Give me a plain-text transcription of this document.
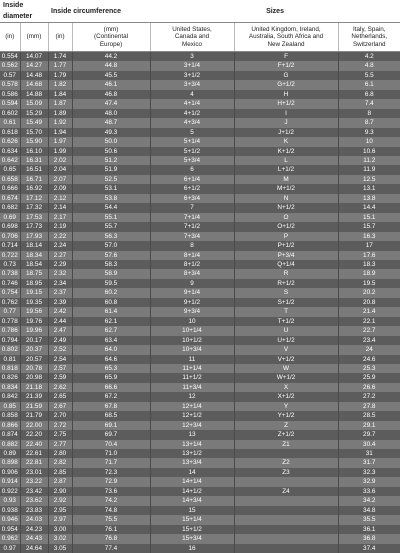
Inside diameter		Inside circumference		Sizes		
(in)	(mm)	(in)	(mm)
(Continental
Europe)	United States,
Canada and
Mexico	United Kingdom, Ireland,
Australia, South Africa and
New Zealand	Italy, Spain,
Netherlands,
Switzerland
0.554	14.07	1.74	44.2	3	F	4.2
0.562	14.27	1.77	44.8	3+1/4	F+1/2	4.8
0.57	14.48	1.79	45.5	3+1/2	G	5.5
0.578	14.68	1.82	46.1	3+3/4	G+1/2	6.1
0.586	14.88	1.84	46.8	4	H	6.8
0.594	15.09	1.87	47.4	4+1/4	H+1/2	7.4
0.602	15.29	1.89	48.0	4+1/2	I	8
0.61	15.49	1.92	48.7	4+3/4	J	8.7
0.618	15.70	1.94	49.3	5	J+1/2	9.3
0.626	15.90	1.97	50.0	5+1/4	K	10
0.634	16.10	1.99	50.6	5+1/2	K+1/2	10.6
0.642	16.31	2.02	51.2	5+3/4	L	11.2
0.65	16.51	2.04	51.9	6	L+1/2	11.9
0.658	16.71	2.07	52.5	6+1/4	M	12.5
0.666	16.92	2.09	53.1	6+1/2	M+1/2	13.1
0.674	17.12	2.12	53.8	6+3/4	N	13.8
0.682	17.32	2.14	54.4	7	N+1/2	14.4
0.69	17.53	2.17	55.1	7+1/4	O	15.1
0.698	17.73	2.19	55.7	7+1/2	O+1/2	15.7
0.706	17.93	2.22	56.3	7+3/4	P	16.3
0.714	18.14	2.24	57.0	8	P+1/2	17
0.722	18.34	2.27	57.6	8+1/4	P+3/4	17.6
0.73	18.54	2.29	58.3	8+1/2	Q+1/4	18.3
0.738	18.75	2.32	58.9	8+3/4	R	18.9
0.746	18.95	2.34	59.5	9	R+1/2	19.5
0.754	19.15	2.37	60.2	9+1/4	S	20.2
0.762	19.35	2.39	60.8	9+1/2	S+1/2	20.8
0.77	19.56	2.42	61.4	9+3/4	T	21.4
0.778	19.76	2.44	62.1	10	T+1/2	22.1
0.786	19.96	2.47	62.7	10+1/4	U	22.7
0.794	20.17	2.49	63.4	10+1/2	U+1/2	23.4
0.802	20.37	2.52	64.0	10+3/4	V	24
0.81	20.57	2.54	64.6	11	V+1/2	24.6
0.818	20.78	2.57	65.3	11+1/4	W	25.3
0.826	20.98	2.59	65.9	11+1/2	W+1/2	25.9
0.834	21.18	2.62	66.6	11+3/4	X	26.6
0.842	21.39	2.65	67.2	12	X+1/2	27.2
0.85	21.59	2.67	67.8	12+1/4	Y	27.8
0.858	21.79	2.70	68.5	12+1/2	Y+1/2	28.5
0.866	22.00	2.72	69.1	12+3/4	Z	29.1
0.874	22.20	2.75	69.7	13	Z+1/2	29.7
0.882	22.40	2.77	70.4	13+1/4	Z1	30.4
0.89	22.61	2.80	71.0	13+1/2		31
0.898	22.81	2.82	71.7	13+3/4	Z2	31.7
0.906	23.01	2.85	72.3	14	Z3	32.3
0.914	23.22	2.87	72.9	14+1/4		32.9
0.922	23.42	2.90	73.6	14+1/2	Z4	33.6
0.93	23.62	2.92	74.2	14+3/4		34.2
0.938	23.83	2.95	74.8	15		34.8
0.946	24.03	2.97	75.5	15+1/4		35.5
0.954	24.23	3.00	76.1	15+1/2		36.1
0.962	24.43	3.02	76.8	15+3/4		36.8
0.97	24.64	3.05	77.4	16		37.4
